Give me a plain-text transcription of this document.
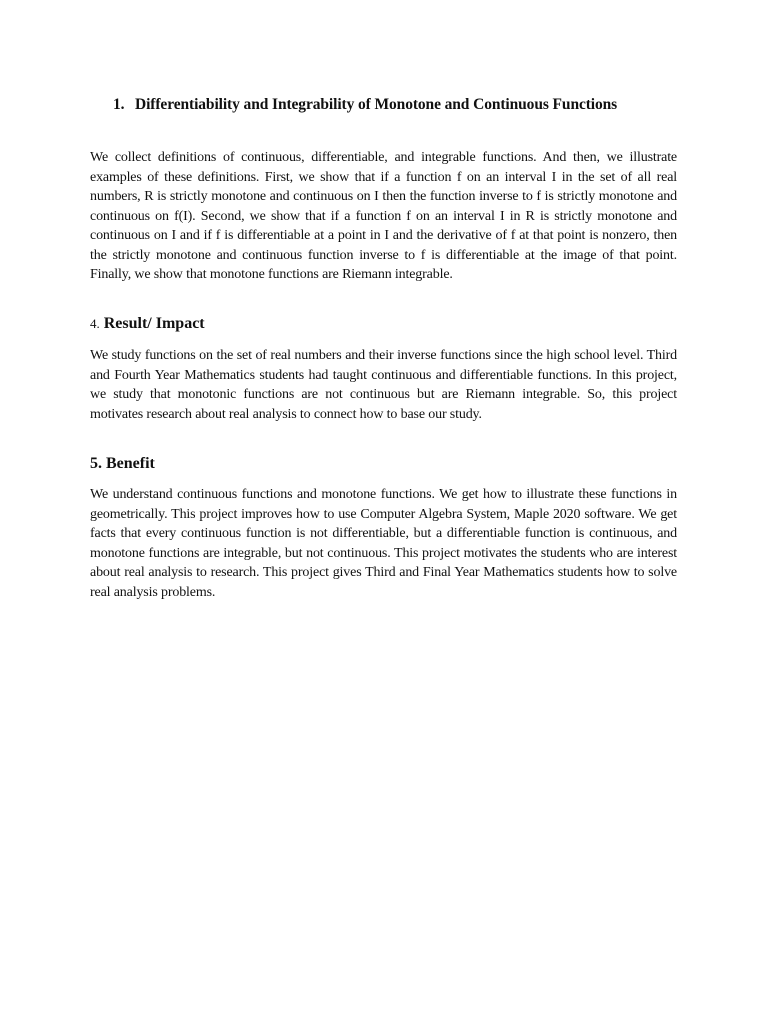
1. Differentiability and Integrability of Monotone and Continuous Functions
We collect definitions of continuous, differentiable, and integrable functions. And then, we illustrate examples of these definitions. First, we show that if a function f on an interval I in the set of all real numbers, R is strictly monotone and continuous on I then the function inverse to f is strictly monotone and continuous on f(I). Second, we show that if a function f on an interval I in R is strictly monotone and continuous on I and if f is differentiable at a point in I and the derivative of f at that point is nonzero, then the strictly monotone and continuous function inverse to f is differentiable at the image of that point. Finally, we show that monotone functions are Riemann integrable.
4. Result/ Impact
We study functions on the set of real numbers and their inverse functions since the high school level. Third and Fourth Year Mathematics students had taught continuous and differentiable functions. In this project, we study that monotonic functions are not continuous but are Riemann integrable. So, this project motivates research about real analysis to connect how to base our study.
5. Benefit
We understand continuous functions and monotone functions. We get how to illustrate these functions in geometrically. This project improves how to use Computer Algebra System, Maple 2020 software. We get facts that every continuous function is not differentiable, but a differentiable function is continuous, and monotone functions are integrable, but not continuous. This project motivates the students who are interest about real analysis to research. This project gives Third and Final Year Mathematics students how to solve real analysis problems.
